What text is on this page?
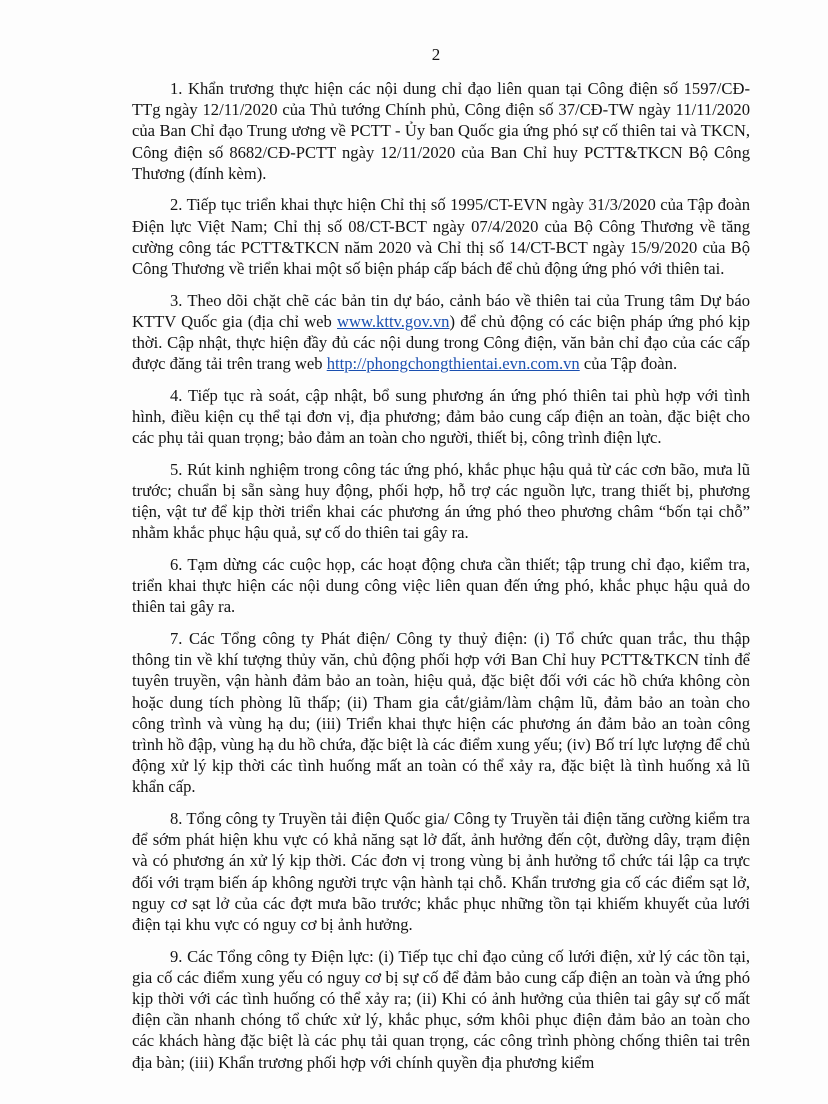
2

1. Khẩn trương thực hiện các nội dung chỉ đạo liên quan tại Công điện số 1597/CĐ-TTg ngày 12/11/2020 của Thủ tướng Chính phủ, Công điện số 37/CĐ-TW ngày 11/11/2020 của Ban Chỉ đạo Trung ương về PCTT - Ủy ban Quốc gia ứng phó sự cố thiên tai và TKCN, Công điện số 8682/CĐ-PCTT ngày 12/11/2020 của Ban Chỉ huy PCTT&TKCN Bộ Công Thương (đính kèm).

2. Tiếp tục triển khai thực hiện Chỉ thị số 1995/CT-EVN ngày 31/3/2020 của Tập đoàn Điện lực Việt Nam; Chỉ thị số 08/CT-BCT ngày 07/4/2020 của Bộ Công Thương về tăng cường công tác PCTT&TKCN năm 2020 và Chỉ thị số 14/CT-BCT ngày 15/9/2020 của Bộ Công Thương về triển khai một số biện pháp cấp bách để chủ động ứng phó với thiên tai.

3. Theo dõi chặt chẽ các bản tin dự báo, cảnh báo về thiên tai của Trung tâm Dự báo KTTV Quốc gia (địa chỉ web www.kttv.gov.vn) để chủ động có các biện pháp ứng phó kịp thời. Cập nhật, thực hiện đầy đủ các nội dung trong Công điện, văn bản chỉ đạo của các cấp được đăng tải trên trang web http://phongchongthientai.evn.com.vn của Tập đoàn.

4. Tiếp tục rà soát, cập nhật, bổ sung phương án ứng phó thiên tai phù hợp với tình hình, điều kiện cụ thể tại đơn vị, địa phương; đảm bảo cung cấp điện an toàn, đặc biệt cho các phụ tải quan trọng; bảo đảm an toàn cho người, thiết bị, công trình điện lực.

5. Rút kinh nghiệm trong công tác ứng phó, khắc phục hậu quả từ các cơn bão, mưa lũ trước; chuẩn bị sẵn sàng huy động, phối hợp, hỗ trợ các nguồn lực, trang thiết bị, phương tiện, vật tư để kịp thời triển khai các phương án ứng phó theo phương châm “bốn tại chỗ” nhằm khắc phục hậu quả, sự cố do thiên tai gây ra.

6. Tạm dừng các cuộc họp, các hoạt động chưa cần thiết; tập trung chỉ đạo, kiểm tra, triển khai thực hiện các nội dung công việc liên quan đến ứng phó, khắc phục hậu quả do thiên tai gây ra.

7. Các Tổng công ty Phát điện/ Công ty thuỷ điện: (i) Tổ chức quan trắc, thu thập thông tin về khí tượng thủy văn, chủ động phối hợp với Ban Chỉ huy PCTT&TKCN tỉnh để tuyên truyền, vận hành đảm bảo an toàn, hiệu quả, đặc biệt đối với các hồ chứa không còn hoặc dung tích phòng lũ thấp; (ii) Tham gia cắt/giảm/làm chậm lũ, đảm bảo an toàn cho công trình và vùng hạ du; (iii) Triển khai thực hiện các phương án đảm bảo an toàn công trình hồ đập, vùng hạ du hồ chứa, đặc biệt là các điểm xung yếu; (iv) Bố trí lực lượng để chủ động xử lý kịp thời các tình huống mất an toàn có thể xảy ra, đặc biệt là tình huống xả lũ khẩn cấp.

8. Tổng công ty Truyền tải điện Quốc gia/ Công ty Truyền tải điện tăng cường kiểm tra để sớm phát hiện khu vực có khả năng sạt lở đất, ảnh hưởng đến cột, đường dây, trạm điện và có phương án xử lý kịp thời. Các đơn vị trong vùng bị ảnh hưởng tổ chức tái lập ca trực đối với trạm biến áp không người trực vận hành tại chỗ. Khẩn trương gia cố các điểm sạt lở, nguy cơ sạt lở của các đợt mưa bão trước; khắc phục những tồn tại khiếm khuyết của lưới điện tại khu vực có nguy cơ bị ảnh hưởng.

9. Các Tổng công ty Điện lực: (i) Tiếp tục chỉ đạo củng cố lưới điện, xử lý các tồn tại, gia cố các điểm xung yếu có nguy cơ bị sự cố để đảm bảo cung cấp điện an toàn và ứng phó kịp thời với các tình huống có thể xảy ra; (ii) Khi có ảnh hưởng của thiên tai gây sự cố mất điện cần nhanh chóng tổ chức xử lý, khắc phục, sớm khôi phục điện đảm bảo an toàn cho các khách hàng đặc biệt là các phụ tải quan trọng, các công trình phòng chống thiên tai trên địa bàn; (iii) Khẩn trương phối hợp với chính quyền địa phương kiểm
